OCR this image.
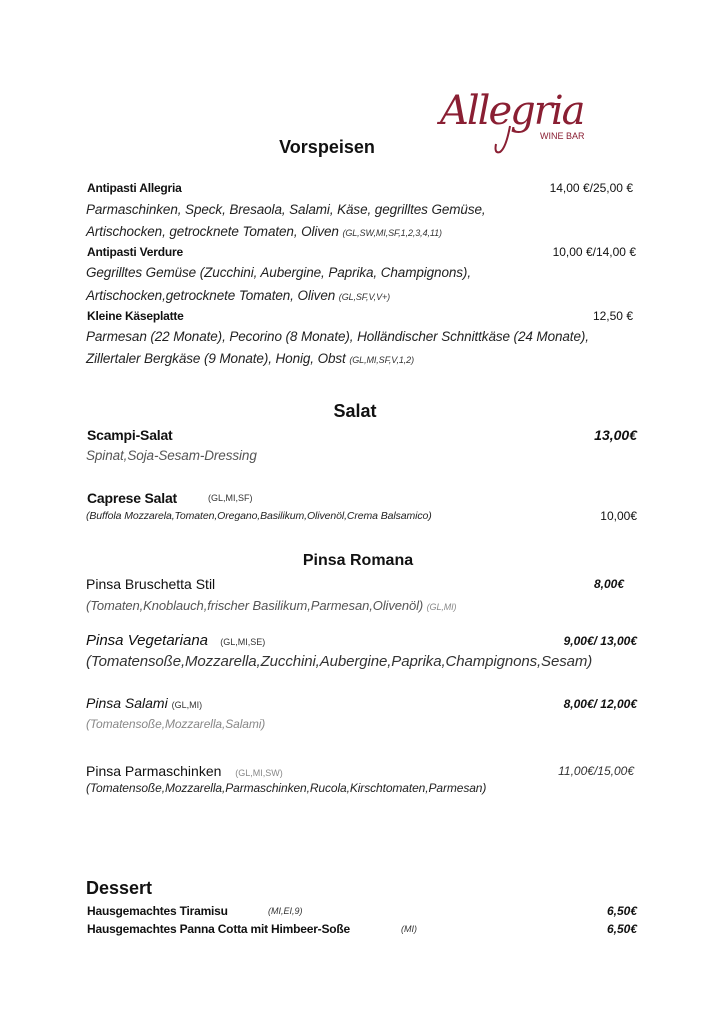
Allegria
WINE BAR
Vorspeisen
Antipasti Allegria	14,00 €/25,00 €
Parmaschinken, Speck, Bresaola, Salami, Käse, gegrilltes Gemüse,
Artischocken, getrocknete Tomaten, Oliven (GL,SW,MI,SF,1,2,3,4,11)
Antipasti Verdure	10,00 €/14,00 €
Gegrilltes Gemüse (Zucchini, Aubergine, Paprika, Champignons),
Artischocken,getrocknete Tomaten, Oliven (GL,SF,V,V+)
Kleine Käseplatte	12,50 €
Parmesan (22 Monate), Pecorino (8 Monate), Holländischer Schnittkäse (24 Monate),
Zillertaler Bergkäse (9 Monate), Honig, Obst (GL,MI,SF,V,1,2)
Salat
Scampi-Salat	13,00€
Spinat,Soja-Sesam-Dressing
Caprese Salat	(GL,MI,SF)
(Buffola Mozzarela,Tomaten,Oregano,Basilikum,Olivenöl,Crema Balsamico)	10,00€
Pinsa Romana
Pinsa Bruschetta Stil	8,00€
(Tomaten,Knoblauch,frischer Basilikum,Parmesan,Olivenöl) (GL,MI)
Pinsa Vegetariana (GL,MI,SE)	9,00€/ 13,00€
(Tomatensoße,Mozzarella,Zucchini,Aubergine,Paprika,Champignons,Sesam)
Pinsa Salami (GL,MI)	8,00€/ 12,00€
(Tomatensoße,Mozzarella,Salami)
Pinsa Parmaschinken (GL,MI,SW)	11,00€/15,00€
(Tomatensoße,Mozzarella,Parmaschinken,Rucola,Kirschtomaten,Parmesan)
Dessert
Hausgemachtes Tiramisu	(MI,EI,9)	6,50€
Hausgemachtes Panna Cotta mit Himbeer-Soße	(MI)	6,50€
